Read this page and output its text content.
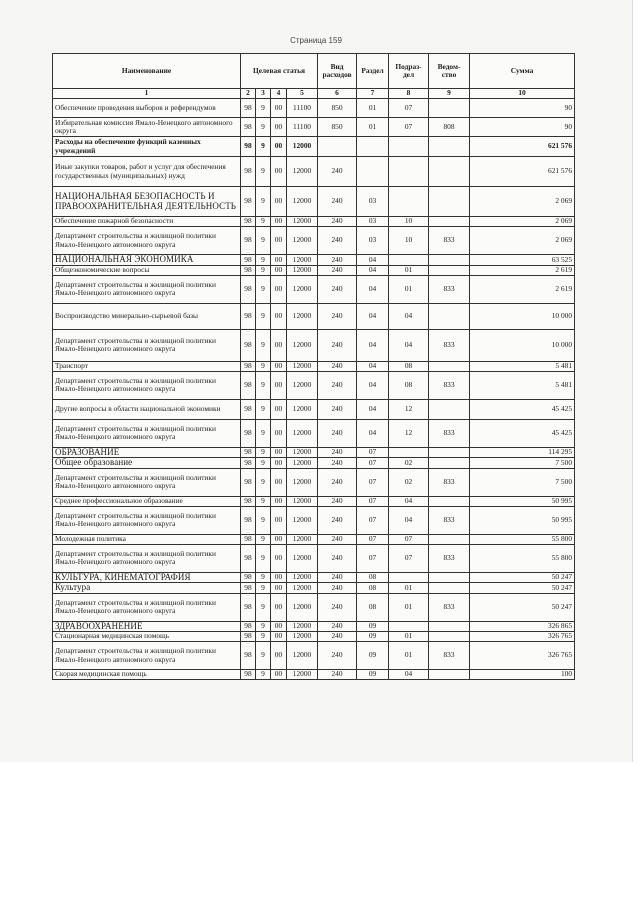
Страница 159
Наименование	Целевая статья				Вид расходов	Раздел	Подраз-дел	Ведом-ство	Сумма
1	2	3	4	5	6	7	8	9	10
Обеспечение проведения выборов и референдумов	98	9	00	11100	850	01	07		90
Избирательная комиссия Ямало-Ненецкого автономного округа	98	9	00	11100	850	01	07	808	90
Расходы на обеспечение функций казенных учреждений	98	9	00	12000					621 576
Иные закупки товаров, работ и услуг для обеспечения государственных (муниципальных) нужд	98	9	00	12000	240				621 576
НАЦИОНАЛЬНАЯ БЕЗОПАСНОСТЬ И ПРАВООХРАНИТЕЛЬНАЯ ДЕЯТЕЛЬНОСТЬ	98	9	00	12000	240	03			2 069
Обеспечение пожарной безопасности	98	9	00	12000	240	03	10		2 069
Департамент строительства и жилищной политики Ямало-Ненецкого автономного округа	98	9	00	12000	240	03	10	833	2 069
НАЦИОНАЛЬНАЯ ЭКОНОМИКА	98	9	00	12000	240	04			63 525
Общеэкономические вопросы	98	9	00	12000	240	04	01		2 619
Департамент строительства и жилищной политики Ямало-Ненецкого автономного округа	98	9	00	12000	240	04	01	833	2 619
Воспроизводство минерально-сырьевой базы	98	9	00	12000	240	04	04		10 000
Департамент строительства и жилищной политики Ямало-Ненецкого автономного округа	98	9	00	12000	240	04	04	833	10 000
Транспорт	98	9	00	12000	240	04	08		5 481
Департамент строительства и жилищной политики Ямало-Ненецкого автономного округа	98	9	00	12000	240	04	08	833	5 481
Другие вопросы в области национальной экономики	98	9	00	12000	240	04	12		45 425
Департамент строительства и жилищной политики Ямало-Ненецкого автономного округа	98	9	00	12000	240	04	12	833	45 425
ОБРАЗОВАНИЕ	98	9	00	12000	240	07			114 295
Общее образование	98	9	00	12000	240	07	02		7 500
Департамент строительства и жилищной политики Ямало-Ненецкого автономного округа	98	9	00	12000	240	07	02	833	7 500
Среднее профессиональное образование	98	9	00	12000	240	07	04		50 995
Департамент строительства и жилищной политики Ямало-Ненецкого автономного округа	98	9	00	12000	240	07	04	833	50 995
Молодежная политика	98	9	00	12000	240	07	07		55 800
Департамент строительства и жилищной политики Ямало-Ненецкого автономного округа	98	9	00	12000	240	07	07	833	55 800
КУЛЬТУРА, КИНЕМАТОГРАФИЯ	98	9	00	12000	240	08			50 247
Культура	98	9	00	12000	240	08	01		50 247
Департамент строительства и жилищной политики Ямало-Ненецкого автономного округа	98	9	00	12000	240	08	01	833	50 247
ЗДРАВООХРАНЕНИЕ	98	9	00	12000	240	09			326 865
Стационарная медицинская помощь	98	9	00	12000	240	09	01		326 765
Департамент строительства и жилищной политики Ямало-Ненецкого автономного округа	98	9	00	12000	240	09	01	833	326 765
Скорая медицинская помощь	98	9	00	12000	240	09	04		100
